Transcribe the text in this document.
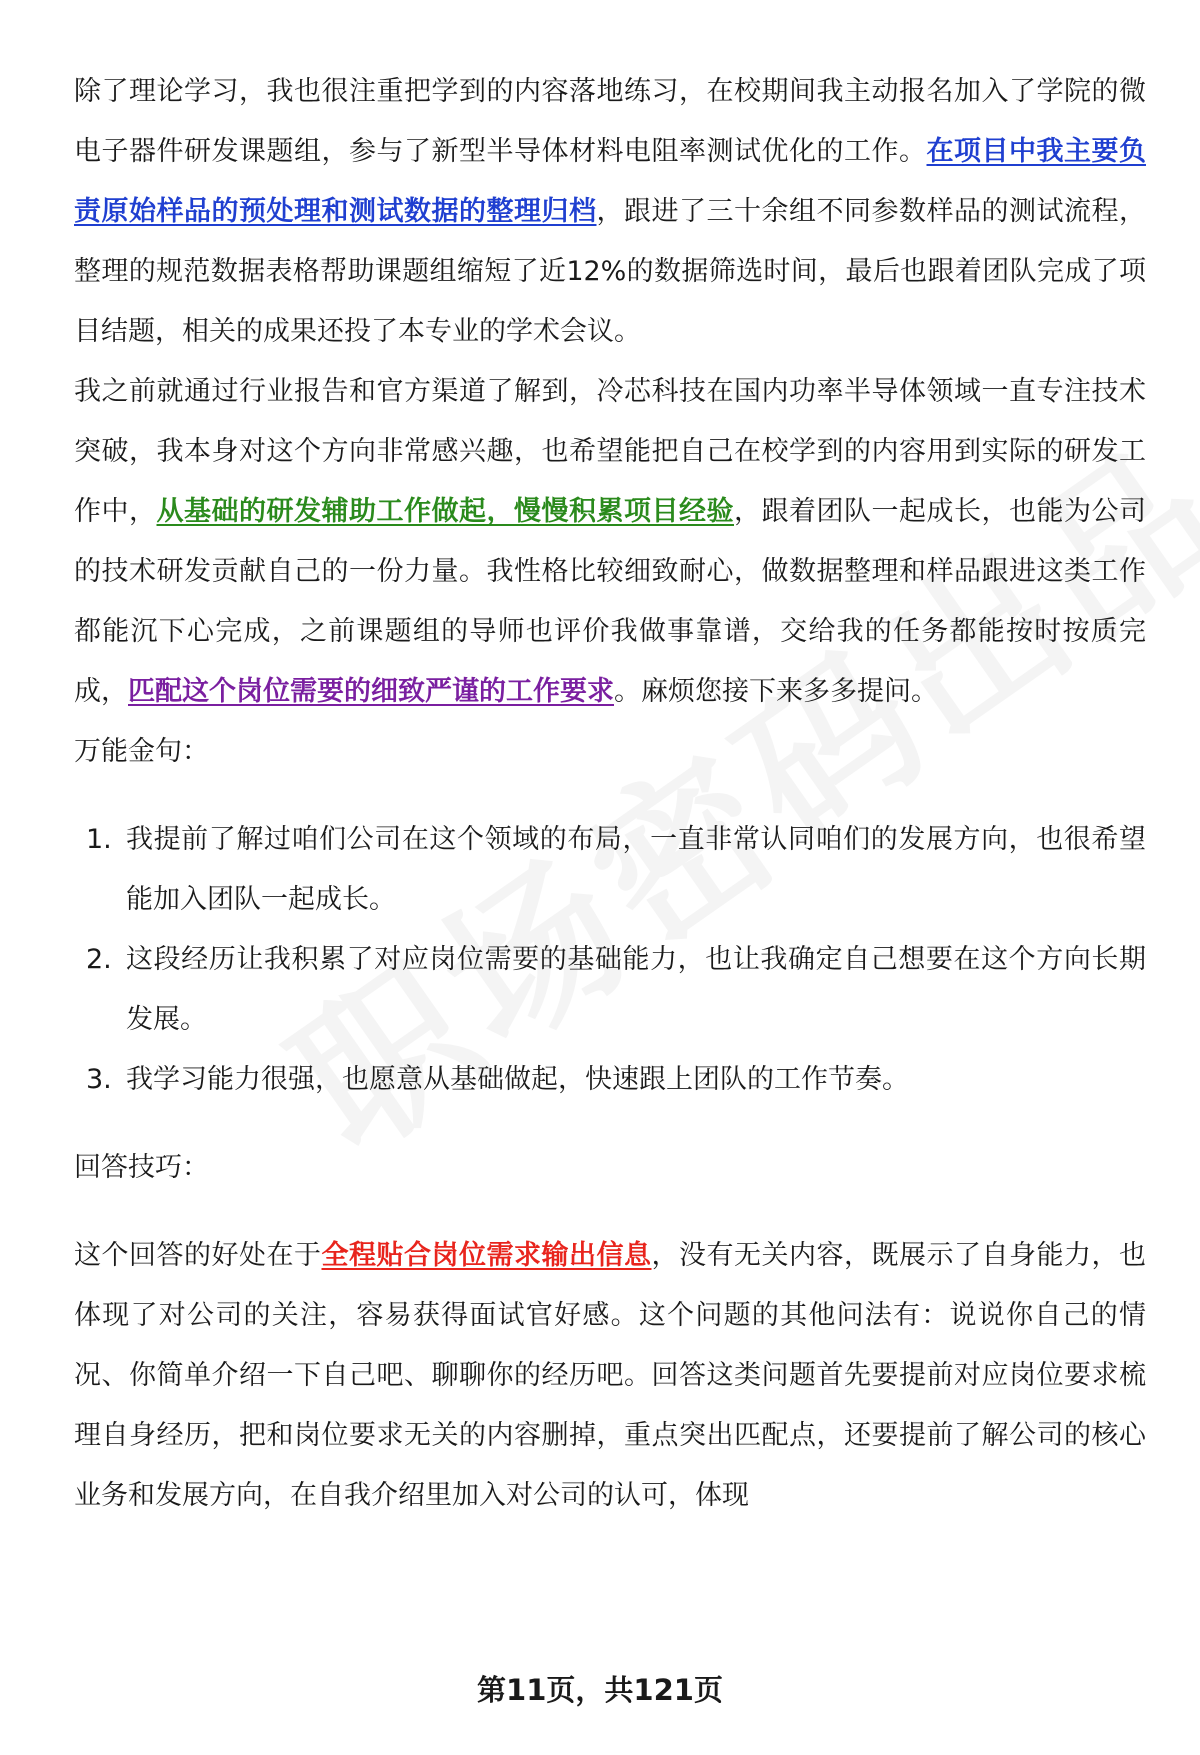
除了理论学习，我也很注重把学到的内容落地练习，在校期间我主动报名加入了学院的微电子器件研发课题组，参与了新型半导体材料电阻率测试优化的工作。在项目中我主要负责原始样品的预处理和测试数据的整理归档，跟进了三十余组不同参数样品的测试流程，整理的规范数据表格帮助课题组缩短了近12%的数据筛选时间，最后也跟着团队完成了项目结题，相关的成果还投了本专业的学术会议。

我之前就通过行业报告和官方渠道了解到，冷芯科技在国内功率半导体领域一直专注技术突破，我本身对这个方向非常感兴趣，也希望能把自己在校学到的内容用到实际的研发工作中，从基础的研发辅助工作做起，慢慢积累项目经验，跟着团队一起成长，也能为公司的技术研发贡献自己的一份力量。我性格比较细致耐心，做数据整理和样品跟进这类工作都能沉下心完成，之前课题组的导师也评价我做事靠谱，交给我的任务都能按时按质完成，匹配这个岗位需要的细致严谨的工作要求。麻烦您接下来多多提问。

万能金句：

1. 我提前了解过咱们公司在这个领域的布局，一直非常认同咱们的发展方向，也很希望能加入团队一起成长。
2. 这段经历让我积累了对应岗位需要的基础能力，也让我确定自己想要在这个方向长期发展。
3. 我学习能力很强，也愿意从基础做起，快速跟上团队的工作节奏。

回答技巧：

这个回答的好处在于全程贴合岗位需求输出信息，没有无关内容，既展示了自身能力，也体现了对公司的关注，容易获得面试官好感。这个问题的其他问法有：说说你自己的情况、你简单介绍一下自己吧、聊聊你的经历吧。回答这类问题首先要提前对应岗位要求梳理自身经历，把和岗位要求无关的内容删掉，重点突出匹配点，还要提前了解公司的核心业务和发展方向，在自我介绍里加入对公司的认可，体现

第11页，共121页
